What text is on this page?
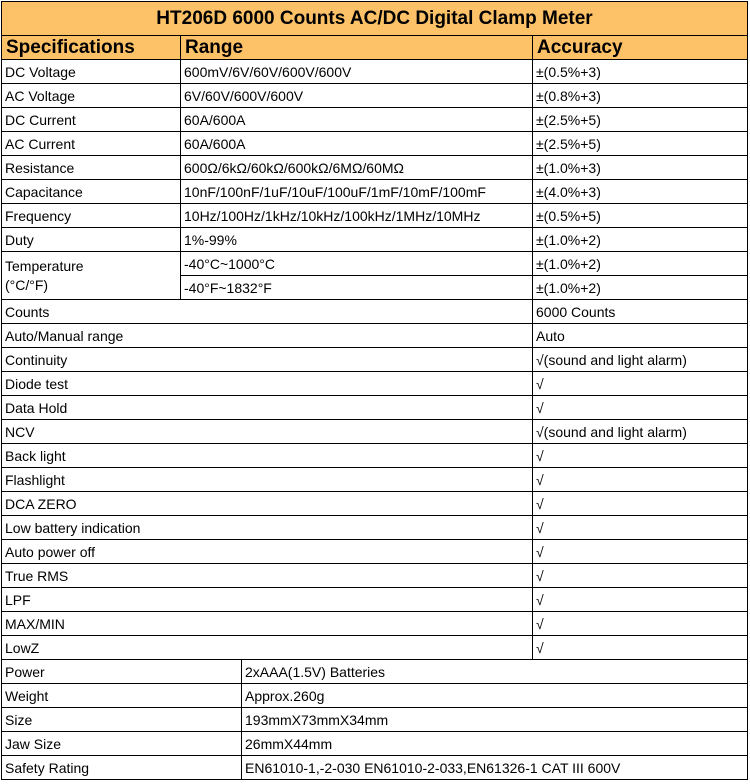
HT206D 6000 Counts AC/DC Digital Clamp Meter
Specifications	Range	Accuracy
DC Voltage	600mV/6V/60V/600V/600V	±(0.5%+3)
AC Voltage	6V/60V/600V/600V	±(0.8%+3)
DC Current	60A/600A	±(2.5%+5)
AC Current	60A/600A	±(2.5%+5)
Resistance	600Ω/6kΩ/60kΩ/600kΩ/6MΩ/60MΩ	±(1.0%+3)
Capacitance	10nF/100nF/1uF/10uF/100uF/1mF/10mF/100mF	±(4.0%+3)
Frequency	10Hz/100Hz/1kHz/10kHz/100kHz/1MHz/10MHz	±(0.5%+5)
Duty	1%-99%	±(1.0%+2)
Temperature
(°C/°F)
-40°C~1000°C	±(1.0%+2)
-40°F~1832°F	±(1.0%+2)
Counts	6000 Counts
Auto/Manual range	Auto
Continuity	√(sound and light alarm)
Diode test	√
Data Hold	√
NCV	√(sound and light alarm)
Back light	√
Flashlight	√
DCA ZERO	√
Low battery indication	√
Auto power off	√
True RMS	√
LPF	√
MAX/MIN	√
LowZ	√
Power	2xAAA(1.5V) Batteries
Weight	Approx.260g
Size	193mmX73mmX34mm
Jaw Size	26mmX44mm
Safety Rating	EN61010-1,-2-030 EN61010-2-033,EN61326-1 CAT III 600V
